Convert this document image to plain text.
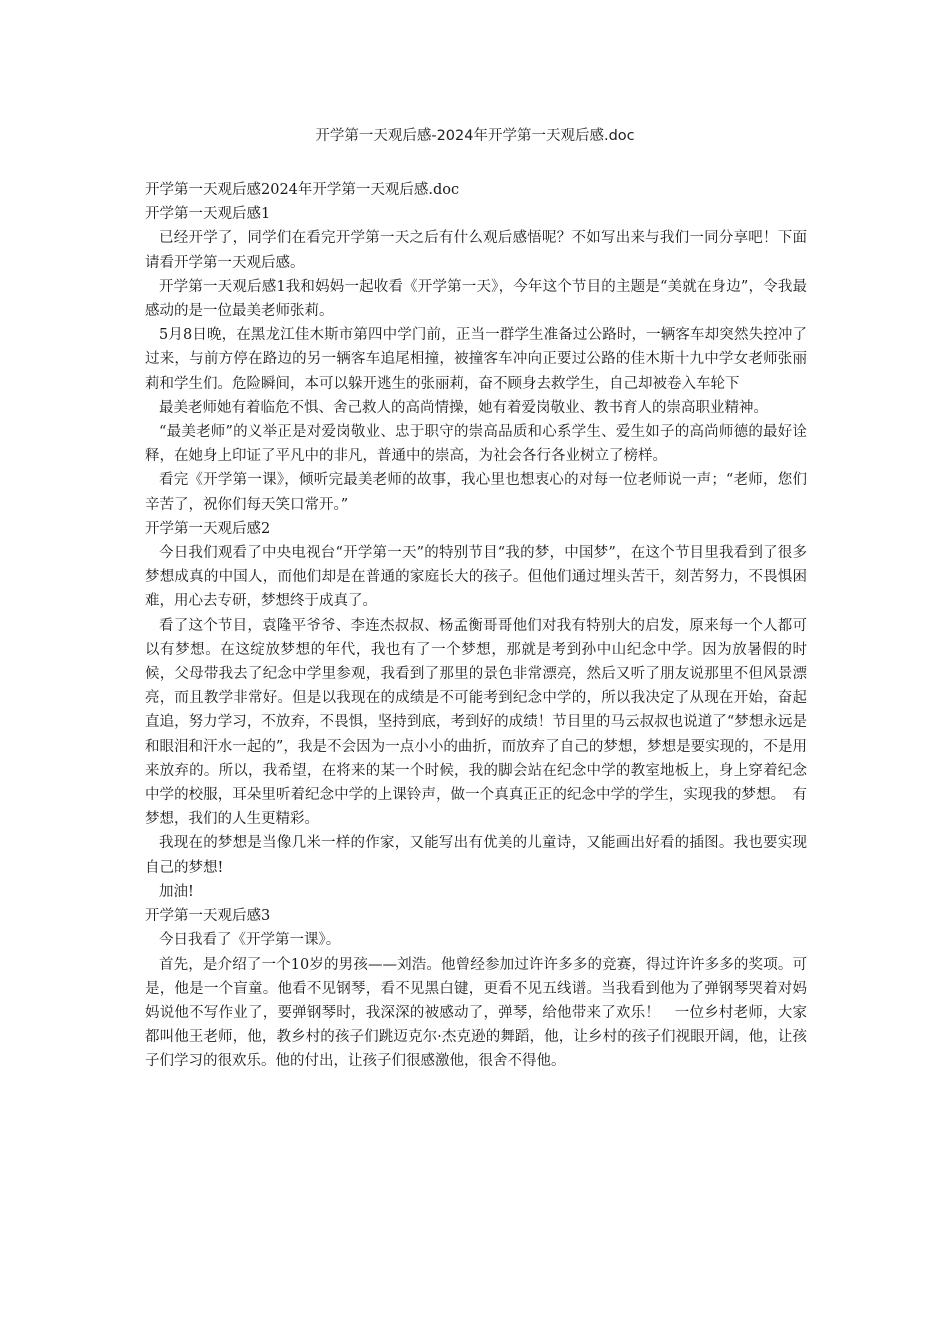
开学第一天观后感-2024年开学第一天观后感.doc

开学第一天观后感2024年开学第一天观后感.doc

开学第一天观后感1

已经开学了，同学们在看完开学第一天之后有什么观后感悟呢？不如写出来与我们一同分享吧！下面请看开学第一天观后感。

开学第一天观后感1我和妈妈一起收看《开学第一天》，今年这个节目的主题是“美就在身边”，令我最感动的是一位最美老师张莉。

5月8日晚，在黑龙江佳木斯市第四中学门前，正当一群学生准备过公路时，一辆客车却突然失控冲了过来，与前方停在路边的另一辆客车追尾相撞，被撞客车冲向正要过公路的佳木斯十九中学女老师张丽莉和学生们。危险瞬间，本可以躲开逃生的张丽莉，奋不顾身去救学生，自己却被卷入车轮下

最美老师她有着临危不惧、舍己救人的高尚情操，她有着爱岗敬业、教书育人的崇高职业精神。

“最美老师”的义举正是对爱岗敬业、忠于职守的崇高品质和心系学生、爱生如子的高尚师德的最好诠释，在她身上印证了平凡中的非凡，普通中的崇高，为社会各行各业树立了榜样。

看完《开学第一课》，倾听完最美老师的故事，我心里也想衷心的对每一位老师说一声；“老师，您们辛苦了，祝你们每天笑口常开。”

开学第一天观后感2

今日我们观看了中央电视台“开学第一天”的特别节目“我的梦，中国梦”，在这个节目里我看到了很多梦想成真的中国人，而他们却是在普通的家庭长大的孩子。但他们通过埋头苦干，刻苦努力，不畏惧困难，用心去专研，梦想终于成真了。

看了这个节目，袁隆平爷爷、李连杰叔叔、杨孟衡哥哥他们对我有特别大的启发，原来每一个人都可以有梦想。在这绽放梦想的年代，我也有了一个梦想，那就是考到孙中山纪念中学。因为放暑假的时候，父母带我去了纪念中学里参观，我看到了那里的景色非常漂亮，然后又听了朋友说那里不但风景漂亮，而且教学非常好。但是以我现在的成绩是不可能考到纪念中学的，所以我决定了从现在开始，奋起直追，努力学习，不放弃，不畏惧，坚持到底，考到好的成绩！节目里的马云叔叔也说道了“梦想永远是和眼泪和汗水一起的”，我是不会因为一点小小的曲折，而放弃了自己的梦想，梦想是要实现的，不是用来放弃的。所以，我希望，在将来的某一个时候，我的脚会站在纪念中学的教室地板上，身上穿着纪念中学的校服，耳朵里听着纪念中学的上课铃声，做一个真真正正的纪念中学的学生，实现我的梦想。　有梦想，我们的人生更精彩。

我现在的梦想是当像几米一样的作家，又能写出有优美的儿童诗，又能画出好看的插图。我也要实现自己的梦想!

加油!

开学第一天观后感3

今日我看了《开学第一课》。

首先，是介绍了一个10岁的男孩——刘浩。他曾经参加过许许多多的竞赛，得过许许多多的奖项。可是，他是一个盲童。他看不见钢琴，看不见黑白键，更看不见五线谱。当我看到他为了弹钢琴哭着对妈妈说他不写作业了，要弹钢琴时，我深深的被感动了，弹琴，给他带来了欢乐！　一位乡村老师，大家都叫他王老师，他，教乡村的孩子们跳迈克尔·杰克逊的舞蹈，他，让乡村的孩子们视眼开阔，他，让孩子们学习的很欢乐。他的付出，让孩子们很感激他，很舍不得他。
